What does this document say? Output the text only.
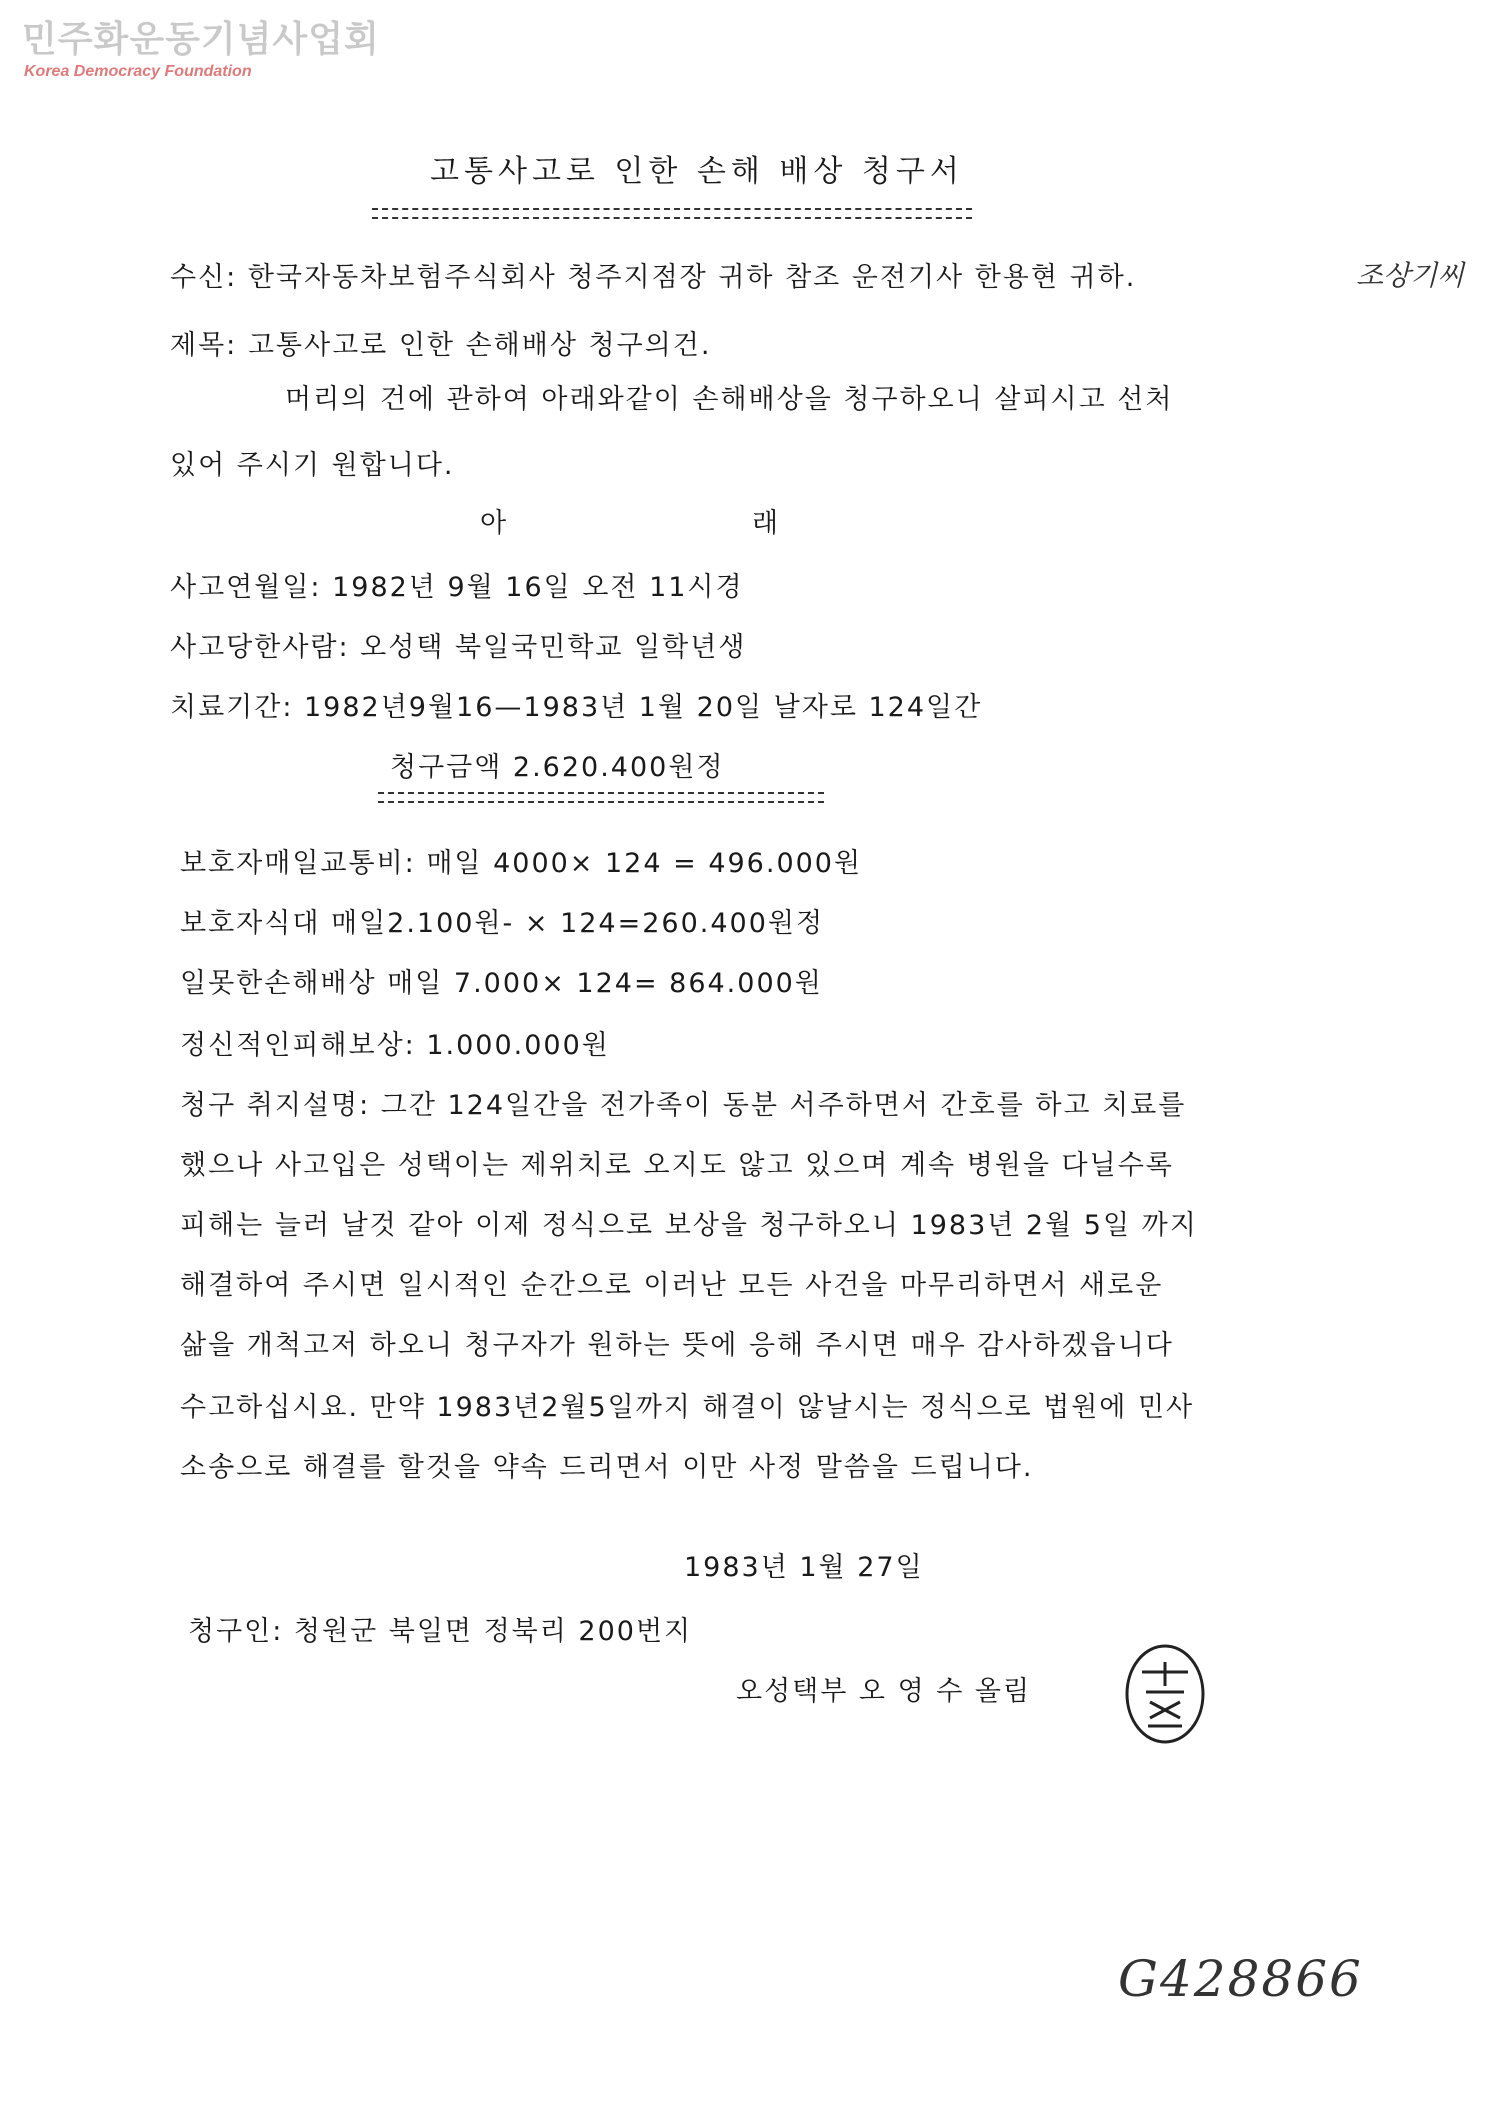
민주화운동기념사업회
Korea Democracy Foundation
고통사고로 인한 손해 배상 청구서
수신: 한국자동차보험주식회사 청주지점장 귀하 참조 운전기사 한용현 귀하.	조상기씨
제목: 고통사고로 인한 손해배상 청구의건.
머리의 건에 관하여 아래와같이 손해배상을 청구하오니 살피시고 선처
있어 주시기 원합니다.
아	래
사고연월일: 1982년 9월 16일 오전 11시경
사고당한사람: 오성택 북일국민학교 일학년생
치료기간: 1982년9월16—1983년 1월 20일 날자로 124일간
청구금액 2.620.400원정
보호자매일교통비: 매일 4000× 124 = 496.000원
보호자식대 매일2.100원- × 124=260.400원정
일못한손해배상 매일 7.000× 124= 864.000원
정신적인피해보상: 1.000.000원
청구 취지설명: 그간 124일간을 전가족이 동분 서주하면서 간호를 하고 치료를
했으나 사고입은 성택이는 제위치로 오지도 않고 있으며 계속 병원을 다닐수록
피해는 늘러 날것 같아 이제 정식으로 보상을 청구하오니 1983년 2월 5일 까지
해결하여 주시면 일시적인 순간으로 이러난 모든 사건을 마무리하면서 새로운
삶을 개척고저 하오니 청구자가 원하는 뜻에 응해 주시면 매우 감사하겠읍니다
수고하십시요. 만약 1983년2월5일까지 해결이 않날시는 정식으로 법원에 민사
소송으로 해결를 할것을 약속 드리면서 이만 사정 말씀을 드립니다.
1983년 1월 27일
청구인: 청원군 북일면 정북리 200번지
오성택부 오 영 수 올림
G428866
